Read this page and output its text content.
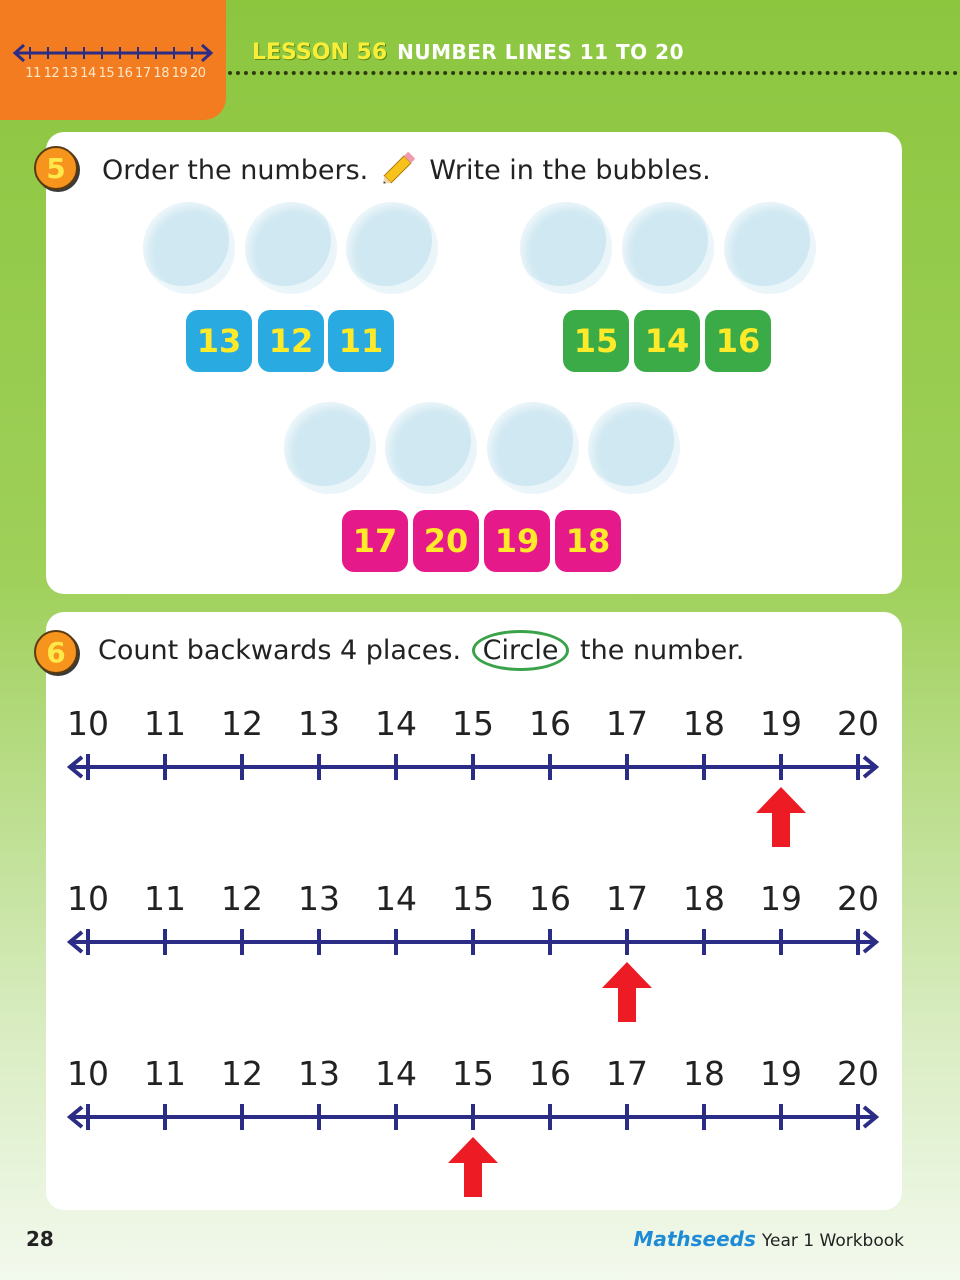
11 12 13 14 15 16 17 18 19 20
LESSON 56 NUMBER LINES 11 TO 20
5	Order the numbers. Write in the bubbles.
13 12 11	15 14 16
17 20 19 18
6	Count backwards 4 places. Circle the number.
10 11 12 13 14 15 16 17 18 19 20
10 11 12 13 14 15 16 17 18 19 20
10 11 12 13 14 15 16 17 18 19 20
28	Mathseeds Year 1 Workbook
